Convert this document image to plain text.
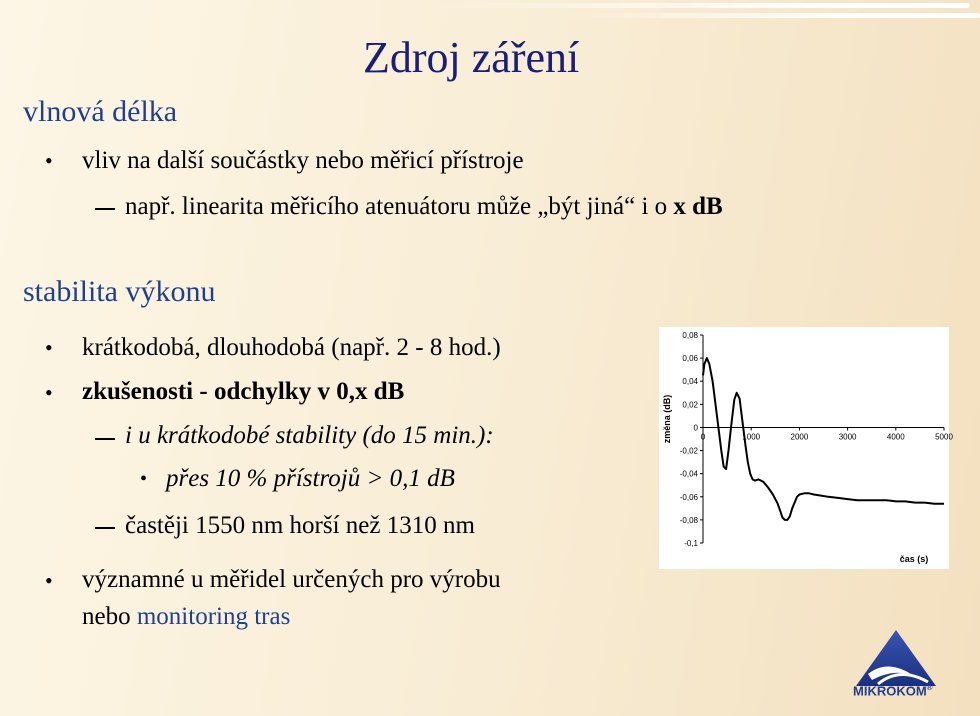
Zdroj záření
vlnová délka
• vliv na další součástky nebo měřicí přístroje
např. linearita měřicího atenuátoru může „být jiná“ i o x dB
stabilita výkonu
• krátkodobá, dlouhodobá (např. 2 - 8 hod.)
• zkušenosti - odchylky v 0,x dB
i u krátkodobé stability (do 15 min.):
• přes 10 % přístrojů > 0,1 dB
častěji 1550 nm horší než 1310 nm
• významné u měřidel určených pro výrobu
nebo monitoring tras
0,08
0,06
0,04
0,02
0
-0,02
-0,04
-0,06
-0,08
-0,1
0	1000	2000	3000	4000	5000
změna (dB)
čas (s)
MIKROKOM®
